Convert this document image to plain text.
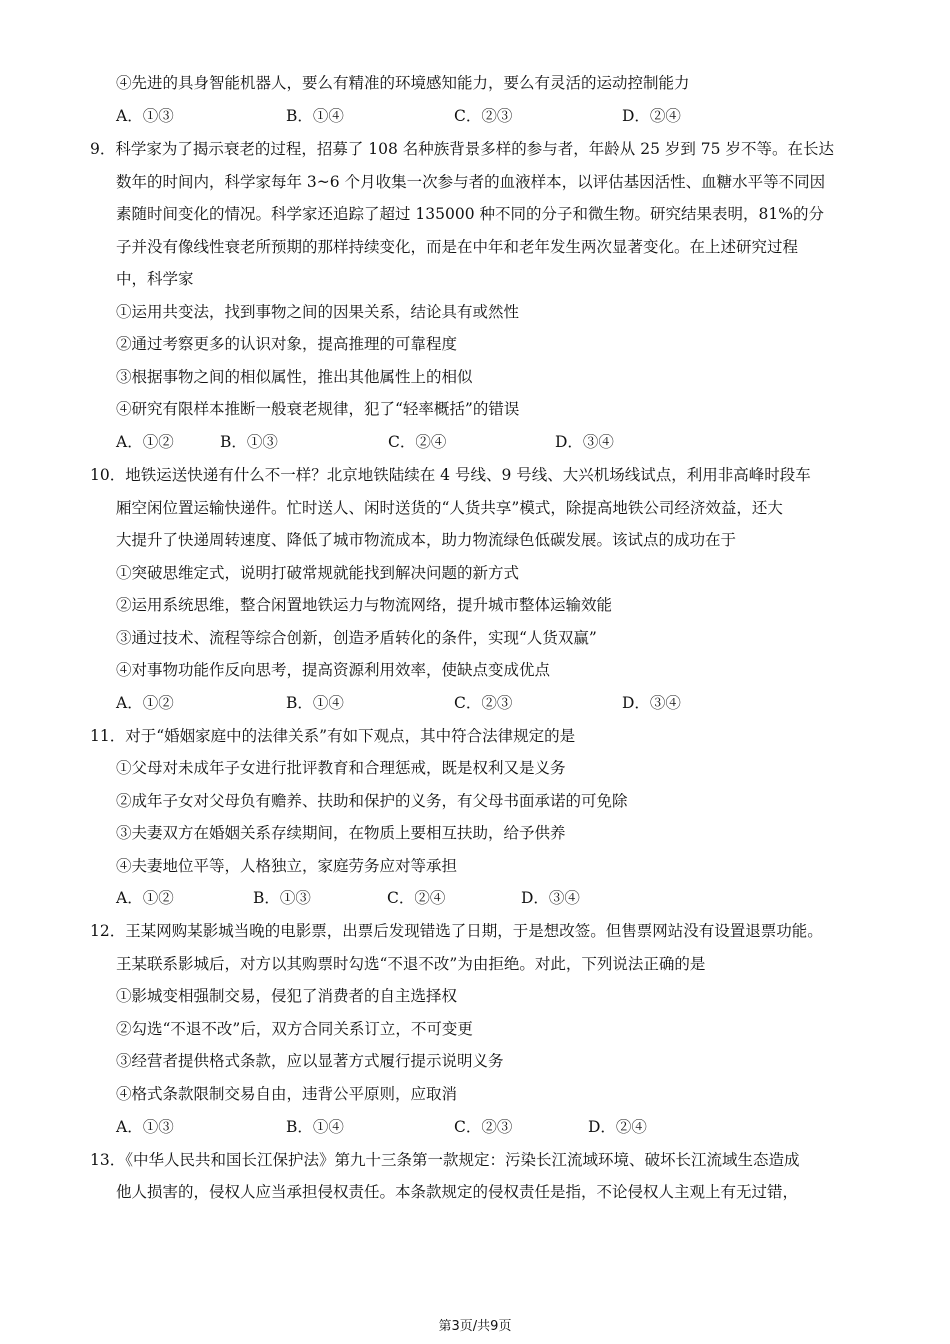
④先进的具身智能机器人，要么有精准的环境感知能力，要么有灵活的运动控制能力
A．①③	B．①④	C．②③	D．②④
9．科学家为了揭示衰老的过程，招募了 108 名种族背景多样的参与者，年龄从 25 岁到 75 岁不等。在长达
数年的时间内，科学家每年 3~6 个月收集一次参与者的血液样本，以评估基因活性、血糖水平等不同因
素随时间变化的情况。科学家还追踪了超过 135000 种不同的分子和微生物。研究结果表明，81%的分
子并没有像线性衰老所预期的那样持续变化，而是在中年和老年发生两次显著变化。在上述研究过程
中，科学家
①运用共变法，找到事物之间的因果关系，结论具有或然性
②通过考察更多的认识对象，提高推理的可靠程度
③根据事物之间的相似属性，推出其他属性上的相似
④研究有限样本推断一般衰老规律，犯了“轻率概括”的错误
A．①②	B．①③	C．②④	D．③④
10．地铁运送快递有什么不一样？北京地铁陆续在 4 号线、9 号线、大兴机场线试点，利用非高峰时段车
厢空闲位置运输快递件。忙时送人、闲时送货的“人货共享”模式，除提高地铁公司经济效益，还大
大提升了快递周转速度、降低了城市物流成本，助力物流绿色低碳发展。该试点的成功在于
①突破思维定式，说明打破常规就能找到解决问题的新方式
②运用系统思维，整合闲置地铁运力与物流网络，提升城市整体运输效能
③通过技术、流程等综合创新，创造矛盾转化的条件，实现“人货双赢”
④对事物功能作反向思考，提高资源利用效率，使缺点变成优点
A．①②	B．①④	C．②③	D．③④
11．对于“婚姻家庭中的法律关系”有如下观点，其中符合法律规定的是
①父母对未成年子女进行批评教育和合理惩戒，既是权利又是义务
②成年子女对父母负有赡养、扶助和保护的义务，有父母书面承诺的可免除
③夫妻双方在婚姻关系存续期间，在物质上要相互扶助，给予供养
④夫妻地位平等，人格独立，家庭劳务应对等承担
A．①②	B．①③	C．②④	D．③④
12．王某网购某影城当晚的电影票，出票后发现错选了日期，于是想改签。但售票网站没有设置退票功能。
王某联系影城后，对方以其购票时勾选“不退不改”为由拒绝。对此，下列说法正确的是
①影城变相强制交易，侵犯了消费者的自主选择权
②勾选“不退不改”后，双方合同关系订立，不可变更
③经营者提供格式条款，应以显著方式履行提示说明义务
④格式条款限制交易自由，违背公平原则，应取消
A．①③	B．①④	C．②③	D．②④
13．《中华人民共和国长江保护法》第九十三条第一款规定：污染长江流域环境、破坏长江流域生态造成
他人损害的，侵权人应当承担侵权责任。本条款规定的侵权责任是指，不论侵权人主观上有无过错，
第3页/共9页
